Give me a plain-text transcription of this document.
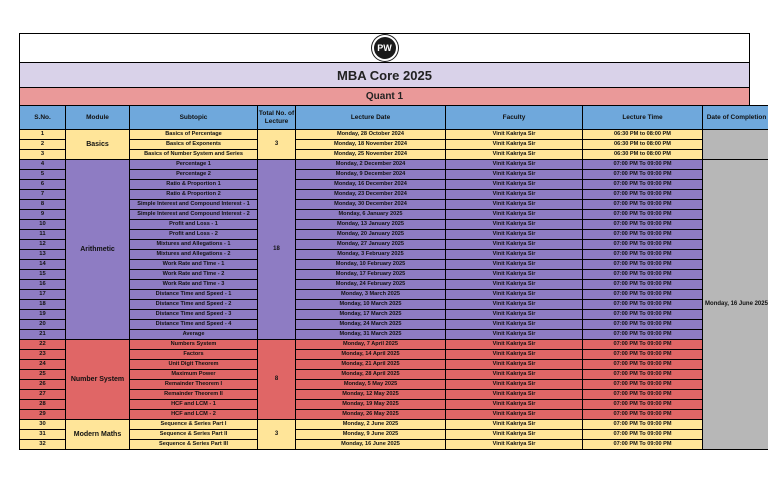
PW
MBA Core 2025
Quant 1
S.No.	Module	Subtopic	Total No. of Lecture	Lecture Date	Faculty	Lecture Time	Date of Completion
1	Basics	Basics of Percentage	3	Monday, 28 October 2024	Vinit Kakriya Sir	06:30 PM to 08:00 PM	
2		Basics of Exponents		Monday, 18 November 2024	Vinit Kakriya Sir	06:30 PM to 08:00 PM	
3		Basics of Number System and Series		Monday, 25 November 2024	Vinit Kakriya Sir	06:30 PM to 08:00 PM	
4	Arithmetic	Percentage 1	18	Monday, 2 December 2024	Vinit Kakriya Sir	07:00 PM To 09:00 PM	Monday, 16 June 2025
5		Percentage 2		Monday, 9 December 2024	Vinit Kakriya Sir	07:00 PM To 09:00 PM	
6		Ratio & Proportion 1		Monday, 16 December 2024	Vinit Kakriya Sir	07:00 PM To 09:00 PM	
7		Ratio & Proportion 2		Monday, 23 December 2024	Vinit Kakriya Sir	07:00 PM To 09:00 PM	
8		Simple Interest and Compound Interest - 1		Monday, 30 December 2024	Vinit Kakriya Sir	07:00 PM To 09:00 PM	
9		Simple Interest and Compound Interest - 2		Monday, 6 January 2025	Vinit Kakriya Sir	07:00 PM To 09:00 PM	
10		Profit and Loss - 1		Monday, 13 January 2025	Vinit Kakriya Sir	07:00 PM To 09:00 PM	
11		Profit and Loss - 2		Monday, 20 January 2025	Vinit Kakriya Sir	07:00 PM To 09:00 PM	
12		Mixtures and Allegations - 1		Monday, 27 January 2025	Vinit Kakriya Sir	07:00 PM To 09:00 PM	
13		Mixtures and Allegations - 2		Monday, 3 February 2025	Vinit Kakriya Sir	07:00 PM To 09:00 PM	
14		Work Rate and Time - 1		Monday, 10 February 2025	Vinit Kakriya Sir	07:00 PM To 09:00 PM	
15		Work Rate and Time - 2		Monday, 17 February 2025	Vinit Kakriya Sir	07:00 PM To 09:00 PM	
16		Work Rate and Time - 3		Monday, 24 February 2025	Vinit Kakriya Sir	07:00 PM To 09:00 PM	
17		Distance Time and Speed - 1		Monday, 3 March 2025	Vinit Kakriya Sir	07:00 PM To 09:00 PM	
18		Distance Time and Speed - 2		Monday, 10 March 2025	Vinit Kakriya Sir	07:00 PM To 09:00 PM	
19		Distance Time and Speed - 3		Monday, 17 March 2025	Vinit Kakriya Sir	07:00 PM To 09:00 PM	
20		Distance Time and Speed - 4		Monday, 24 March 2025	Vinit Kakriya Sir	07:00 PM To 09:00 PM	
21		Average		Monday, 31 March 2025	Vinit Kakriya Sir	07:00 PM To 09:00 PM	
22	Number System	Numbers System	8	Monday, 7 April 2025	Vinit Kakriya Sir	07:00 PM To 09:00 PM	
23		Factors		Monday, 14 April 2025	Vinit Kakriya Sir	07:00 PM To 09:00 PM	
24		Unit Digit Theorem		Monday, 21 April 2025	Vinit Kakriya Sir	07:00 PM To 09:00 PM	
25		Maximum Power		Monday, 28 April 2025	Vinit Kakriya Sir	07:00 PM To 09:00 PM	
26		Remainder Theorem I		Monday, 5 May 2025	Vinit Kakriya Sir	07:00 PM To 09:00 PM	
27		Remainder Theorem II		Monday, 12 May 2025	Vinit Kakriya Sir	07:00 PM To 09:00 PM	
28		HCF and LCM - 1		Monday, 19 May 2025	Vinit Kakriya Sir	07:00 PM To 09:00 PM	
29		HCF and LCM - 2		Monday, 26 May 2025	Vinit Kakriya Sir	07:00 PM To 09:00 PM	
30	Modern Maths	Sequence & Series Part I	3	Monday, 2 June 2025	Vinit Kakriya Sir	07:00 PM To 09:00 PM	
31		Sequence & Series Part II		Monday, 9 June 2025	Vinit Kakriya Sir	07:00 PM To 09:00 PM	
32		Sequence & Series Part III		Monday, 16 June 2025	Vinit Kakriya Sir	07:00 PM To 09:00 PM	
